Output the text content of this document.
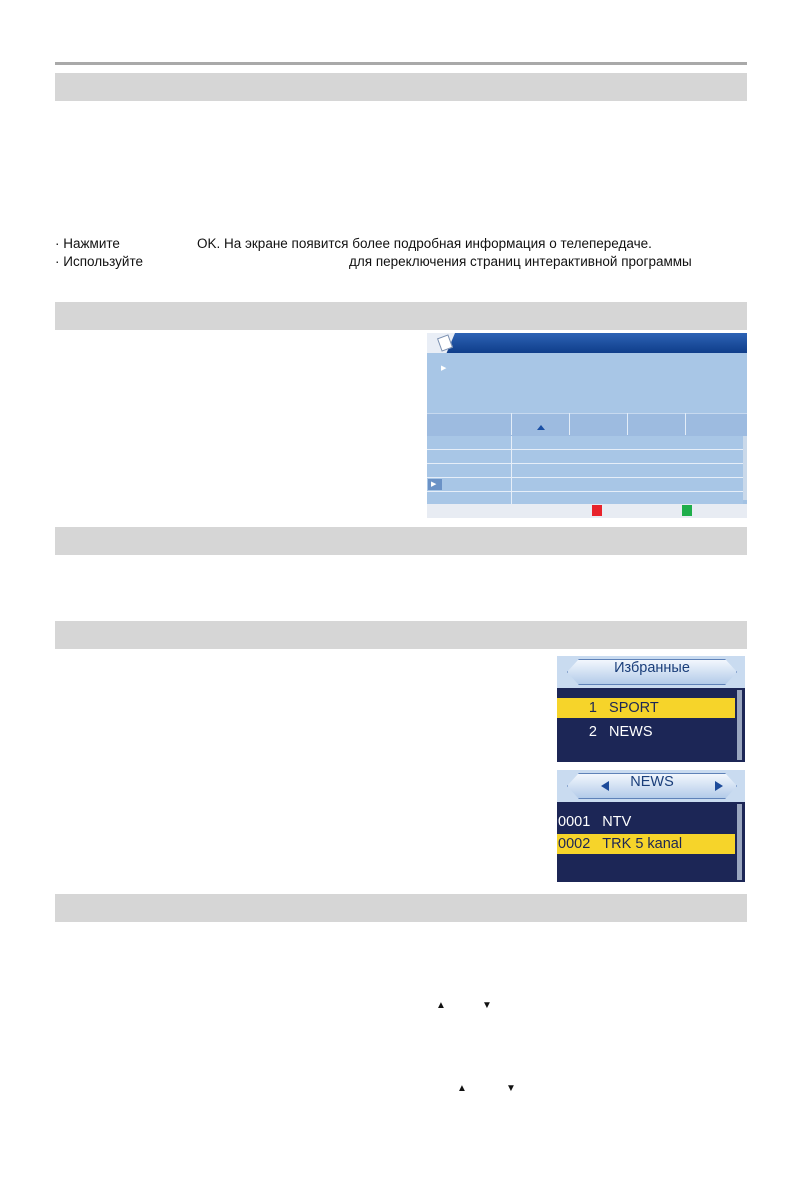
· Нажмите	OK. На экране появится более подробная информация о телепередаче.
· Используйте	для переключения страниц интерактивной программы
▶
▶
Избранные
1 SPORT
2 NEWS
NEWS
0001 NTV
0002 TRK 5 kanal
▲	▼
▲	▼
